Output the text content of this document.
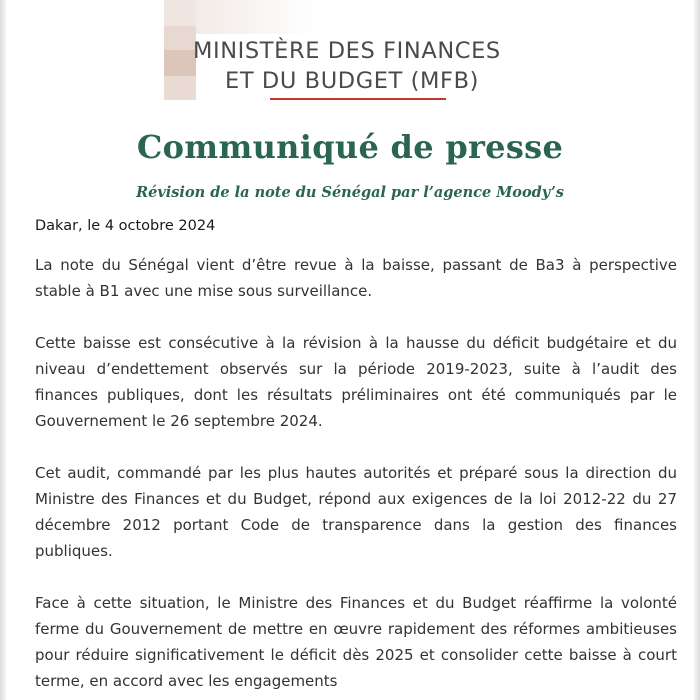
MINISTÈRE DES FINANCES
ET DU BUDGET (MFB)
Communiqué de presse
Révision de la note du Sénégal par l’agence Moody’s
Dakar, le 4 octobre 2024

La note du Sénégal vient d’être revue à la baisse, passant de Ba3 à perspective stable à B1 avec une mise sous surveillance.

Cette baisse est consécutive à la révision à la hausse du déficit budgétaire et du niveau d’endettement observés sur la période 2019-2023, suite à l’audit des finances publiques, dont les résultats préliminaires ont été communiqués par le Gouvernement le 26 septembre 2024.

Cet audit, commandé par les plus hautes autorités et préparé sous la direction du Ministre des Finances et du Budget, répond aux exigences de la loi 2012-22 du 27 décembre 2012 portant Code de transparence dans la gestion des finances publiques.

Face à cette situation, le Ministre des Finances et du Budget réaffirme la volonté ferme du Gouvernement de mettre en œuvre rapidement des réformes ambitieuses pour réduire significativement le déficit dès 2025 et consolider cette baisse à court terme, en accord avec les engagements
